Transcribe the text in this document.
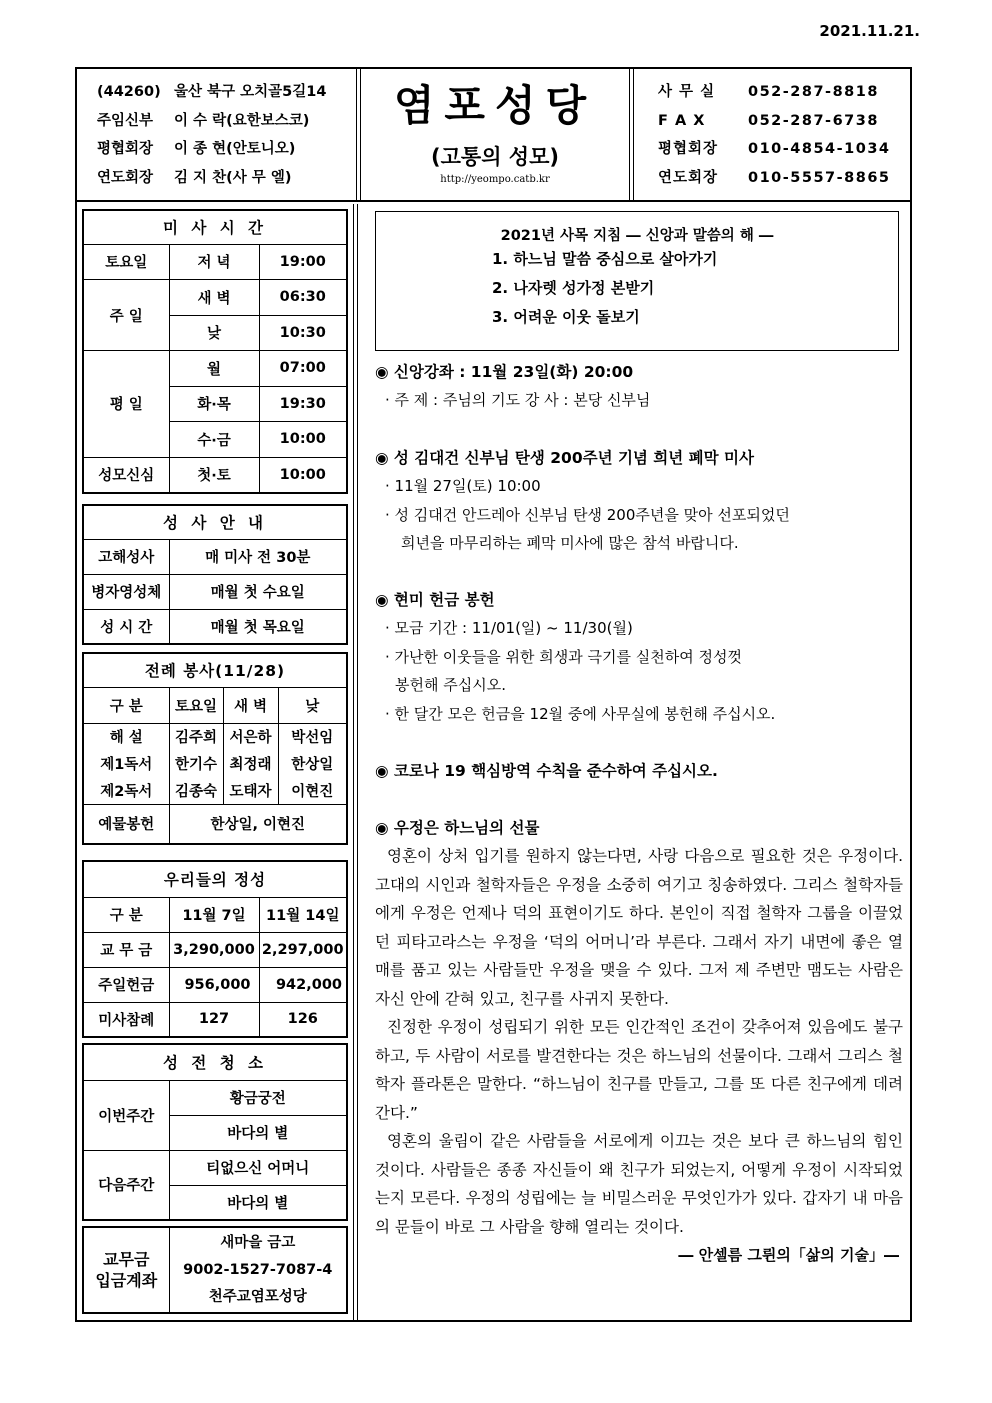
2021.11.21.
(44260) 울산 북구 오치골5길14
주임신부 이 수 락(요한보스코)
평협회장 이 종 현(안토니오)
연도회장 김 지 찬(사 무 엘)
염포성당
(고통의 성모)
http://yeompo.catb.kr
사 무 실 052-287-8818
F A X	052-287-6738
평협회장 010-4854-1034
연도회장 010-5557-8865
미 사 시 간		
토요일	저 녁	19:00
주 일	새 벽	06:30
	낮	10:30
평 일	월	07:00
	화·목	19:30
	수·금	10:00
성모신심	첫·토	10:00
성 사 안 내	
고해성사	매 미사 전 30분
병자영성체	매월 첫 수요일
성 시 간	매월 첫 목요일
전례 봉사(11/28)			
구 분	토요일	새 벽	낮
해 설	김주희	서은하	박선임
제1독서	한기수	최정래	한상일
제2독서	김종숙	도태자	이현진
예물봉헌	한상일, 이현진		
우리들의 정성		
구 분	11월 7일	11월 14일
교 무 금	3,290,000	2,297,000
주일헌금	956,000	942,000
미사참례	127	126
성 전 청 소	
이번주간	황금궁전
	바다의 별
다음주간	티없으신 어머니
	바다의 별
교무금
입금계좌	새마을 금고
9002-1527-7087-4
천주교염포성당
2021년 사목 지침 ― 신앙과 말씀의 해 ―
1. 하느님 말씀 중심으로 살아가기
2. 나자렛 성가정 본받기
3. 어려운 이웃 돌보기
◉ 신앙강좌 : 11월 23일(화) 20:00
· 주 제 : 주님의 기도 강 사 : 본당 신부님
◉ 성 김대건 신부님 탄생 200주년 기념 희년 폐막 미사
· 11월 27일(토) 10:00
· 성 김대건 안드레아 신부님 탄생 200주년을 맞아 선포되었던
희년을 마무리하는 폐막 미사에 많은 참석 바랍니다.
◉ 현미 헌금 봉헌
· 모금 기간 : 11/01(일) ~ 11/30(월)
· 가난한 이웃들을 위한 희생과 극기를 실천하여 정성껏
봉헌해 주십시오.
· 한 달간 모은 헌금을 12월 중에 사무실에 봉헌해 주십시오.
◉ 코로나 19 핵심방역 수칙을 준수하여 주십시오.
◉ 우정은 하느님의 선물

영혼이 상처 입기를 원하지 않는다면, 사랑 다음으로 필요한 것은 우정이다. 고대의 시인과 철학자들은 우정을 소중히 여기고 칭송하였다. 그리스 철학자들에게 우정은 언제나 덕의 표현이기도 하다. 본인이 직접 철학자 그룹을 이끌었던 피타고라스는 우정을 ‘덕의 어머니’라 부른다. 그래서 자기 내면에 좋은 열매를 품고 있는 사람들만 우정을 맺을 수 있다. 그저 제 주변만 맴도는 사람은 자신 안에 갇혀 있고, 친구를 사귀지 못한다.

진정한 우정이 성립되기 위한 모든 인간적인 조건이 갖추어져 있음에도 불구하고, 두 사람이 서로를 발견한다는 것은 하느님의 선물이다. 그래서 그리스 철학자 플라톤은 말한다. “하느님이 친구를 만들고, 그를 또 다른 친구에게 데려간다.”

영혼의 울림이 같은 사람들을 서로에게 이끄는 것은 보다 큰 하느님의 힘인 것이다. 사람들은 종종 자신들이 왜 친구가 되었는지, 어떻게 우정이 시작되었는지 모른다. 우정의 성립에는 늘 비밀스러운 무엇인가가 있다. 갑자기 내 마음의 문들이 바로 그 사람을 향해 열리는 것이다.

― 안셀름 그륀의「삶의 기술」―
